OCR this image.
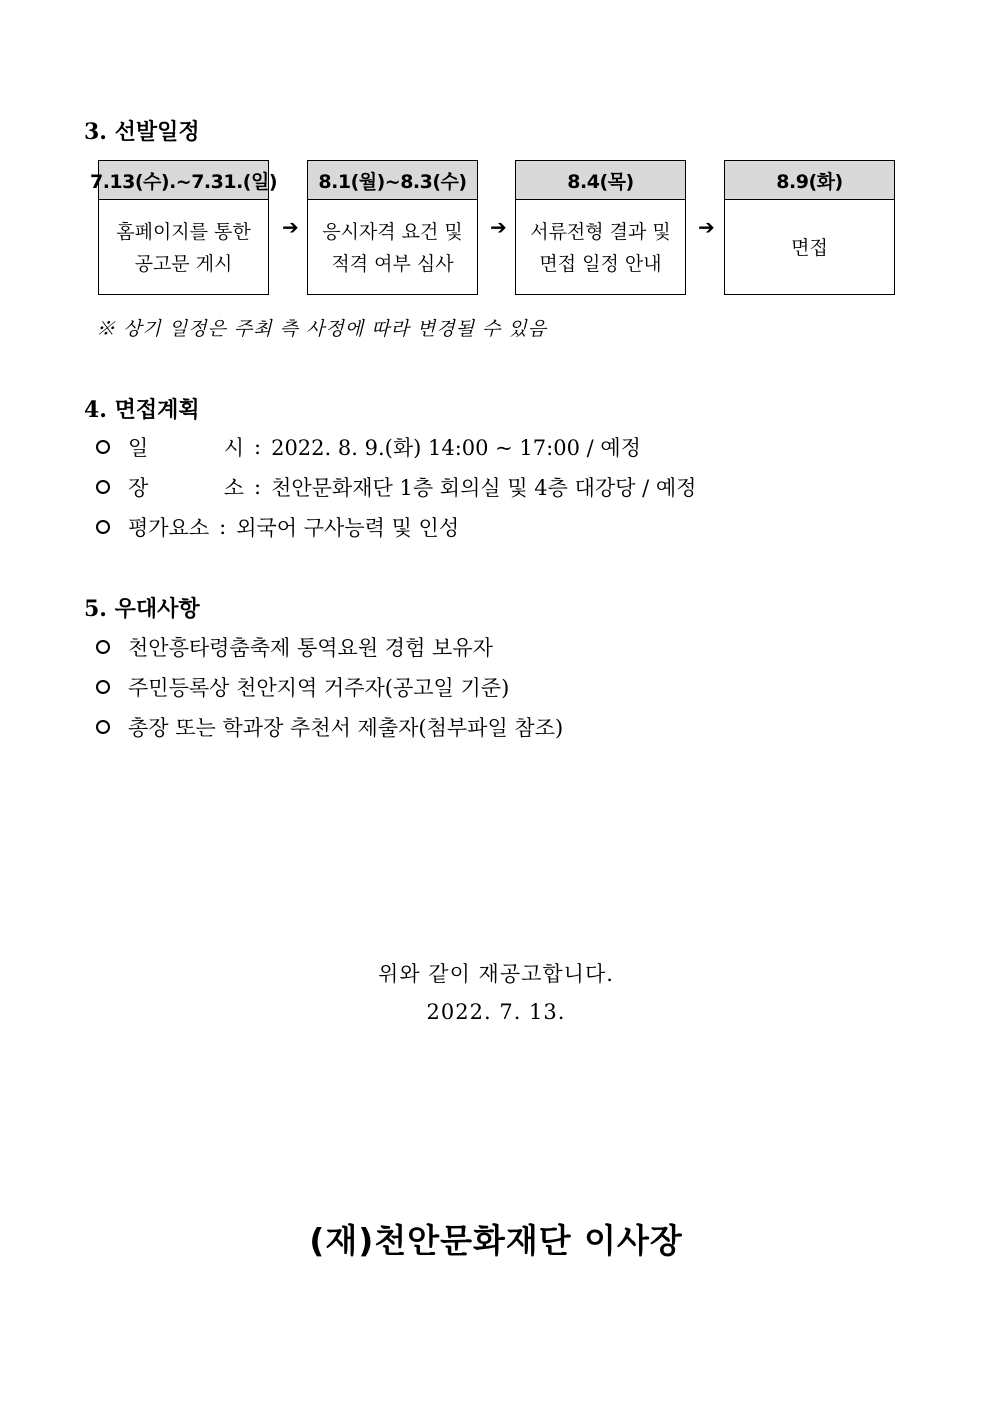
3. 선발일정
7.13(수).~7.31.(일)
홈페이지를 통한
공고문 게시
➔
8.1(월)~8.3(수)
응시자격 요건 및
적격 여부 심사
➔
8.4(목)
서류전형 결과 및
면접 일정 안내
➔
8.9(화)
면접
※ 상기 일정은 주최 측 사정에 따라 변경될 수 있음
4. 면접계획
일	시 : 2022. 8. 9.(화) 14:00 ~ 17:00 / 예정
장	소 : 천안문화재단 1층 회의실 및 4층 대강당 / 예정
평가요소 : 외국어 구사능력 및 인성
5. 우대사항
천안흥타령춤축제 통역요원 경험 보유자
주민등록상 천안지역 거주자(공고일 기준)
총장 또는 학과장 추천서 제출자(첨부파일 참조)
위와 같이 재공고합니다.
2022. 7. 13.
(재)천안문화재단 이사장
